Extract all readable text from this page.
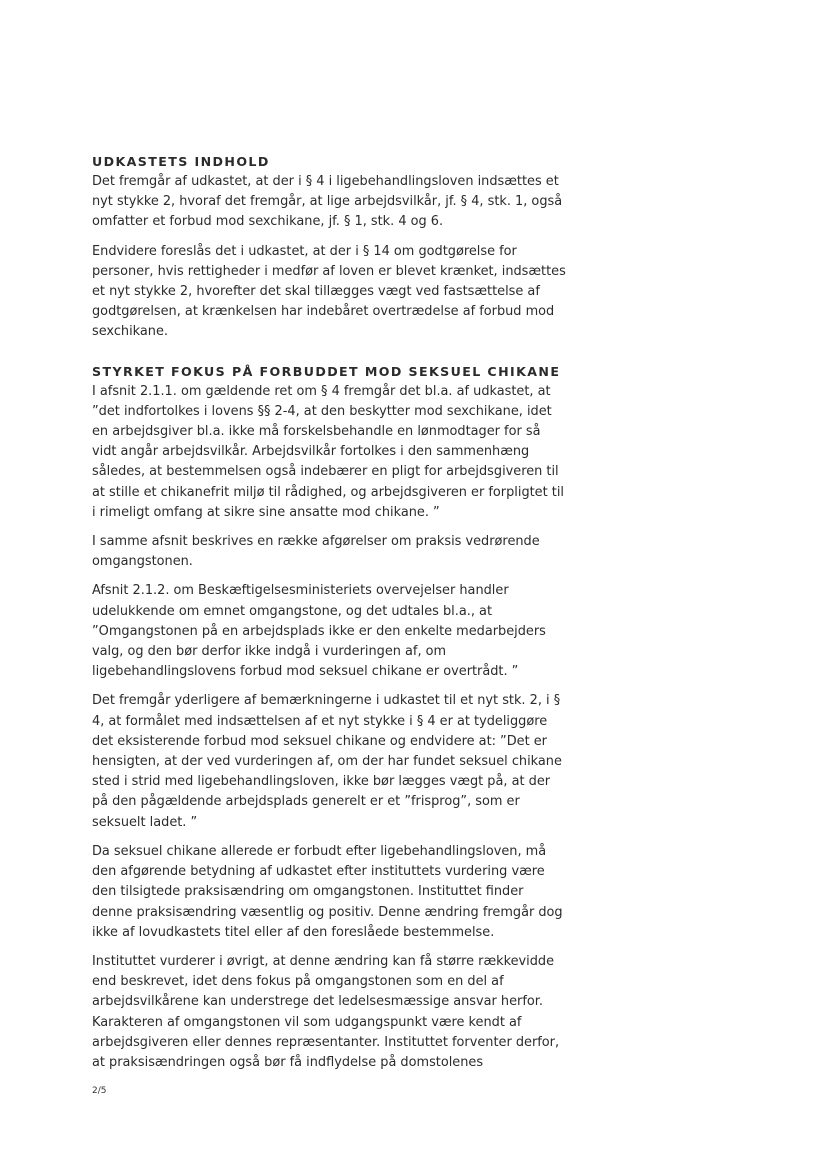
UDKASTETS INDHOLD

Det fremgår af udkastet, at der i § 4 i ligebehandlingsloven indsættes et nyt stykke 2, hvoraf det fremgår, at lige arbejdsvilkår, jf. § 4, stk. 1, også omfatter et forbud mod sexchikane, jf. § 1, stk. 4 og 6.

Endvidere foreslås det i udkastet, at der i § 14 om godtgørelse for personer, hvis rettigheder i medfør af loven er blevet krænket, indsættes et nyt stykke 2, hvorefter det skal tillægges vægt ved fastsættelse af godtgørelsen, at krænkelsen har indebåret overtrædelse af forbud mod sexchikane.

STYRKET FOKUS PÅ FORBUDDET MOD SEKSUEL CHIKANE

I afsnit 2.1.1. om gældende ret om § 4 fremgår det bl.a. af udkastet, at ”det indfortolkes i lovens §§ 2-4, at den beskytter mod sexchikane, idet en arbejdsgiver bl.a. ikke må forskelsbehandle en lønmodtager for så vidt angår arbejdsvilkår. Arbejdsvilkår fortolkes i den sammenhæng således, at bestemmelsen også indebærer en pligt for arbejdsgiveren til at stille et chikanefrit miljø til rådighed, og arbejdsgiveren er forpligtet til i rimeligt omfang at sikre sine ansatte mod chikane. ”

I samme afsnit beskrives en række afgørelser om praksis vedrørende omgangstonen.

Afsnit 2.1.2. om Beskæftigelsesministeriets overvejelser handler udelukkende om emnet omgangstone, og det udtales bl.a., at ”Omgangstonen på en arbejdsplads ikke er den enkelte medarbejders valg, og den bør derfor ikke indgå i vurderingen af, om ligebehandlingslovens forbud mod seksuel chikane er overtrådt. ”

Det fremgår yderligere af bemærkningerne i udkastet til et nyt stk. 2, i § 4, at formålet med indsættelsen af et nyt stykke i § 4 er at tydeliggøre det eksisterende forbud mod seksuel chikane og endvidere at: ”Det er hensigten, at der ved vurderingen af, om der har fundet seksuel chikane sted i strid med ligebehandlingsloven, ikke bør lægges vægt på, at der på den pågældende arbejdsplads generelt er et ”frisprog”, som er seksuelt ladet. ”

Da seksuel chikane allerede er forbudt efter ligebehandlingsloven, må den afgørende betydning af udkastet efter instituttets vurdering være den tilsigtede praksisændring om omgangstonen. Instituttet finder denne praksisændring væsentlig og positiv. Denne ændring fremgår dog ikke af lovudkastets titel eller af den foreslåede bestemmelse.

Instituttet vurderer i øvrigt, at denne ændring kan få større rækkevidde end beskrevet, idet dens fokus på omgangstonen som en del af arbejdsvilkårene kan understrege det ledelsesmæssige ansvar herfor. Karakteren af omgangstonen vil som udgangspunkt være kendt af arbejdsgiveren eller dennes repræsentanter. Instituttet forventer derfor, at praksisændringen også bør få indflydelse på domstolenes

2/5
